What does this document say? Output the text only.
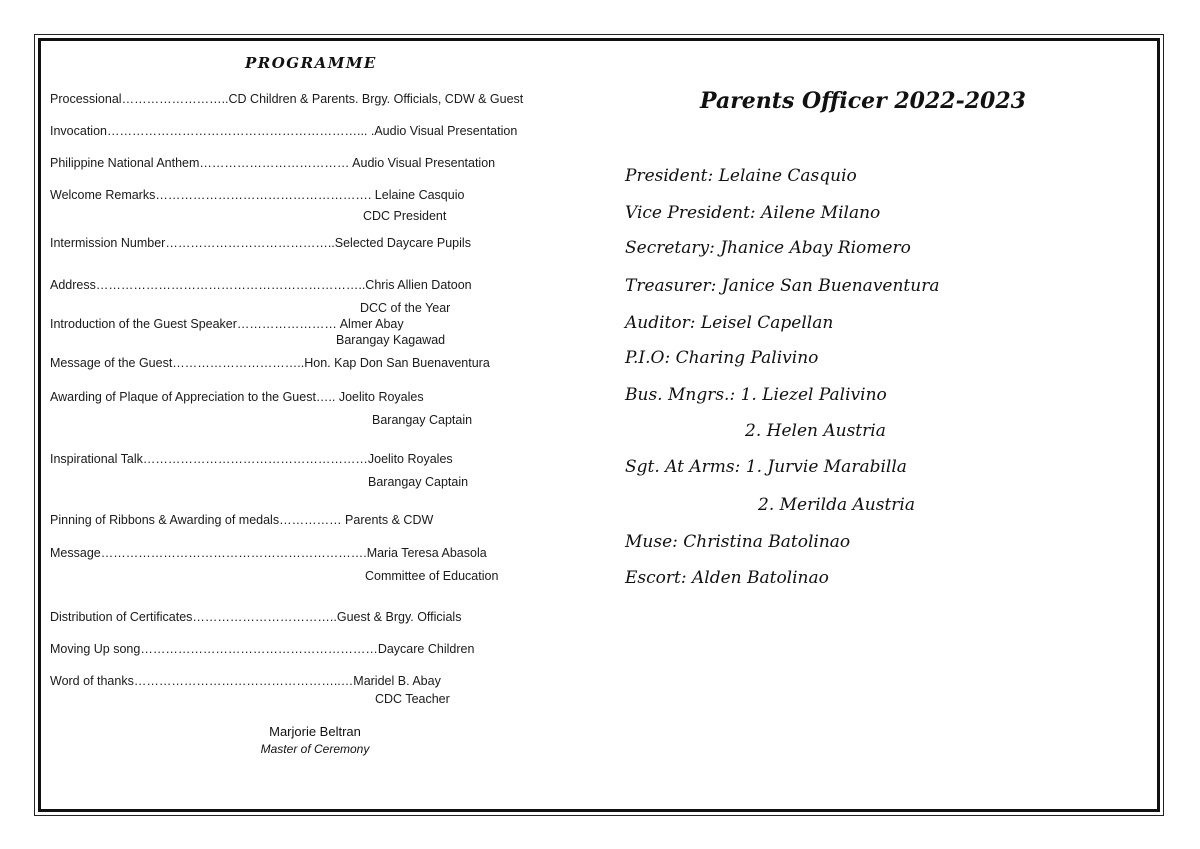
PROGRAMME
Processional……………………..CD Children & Parents. Brgy. Officials, CDW & Guest
Invocation……………………………………………………... .Audio Visual Presentation
Philippine National Anthem……………………………… Audio Visual Presentation
Welcome Remarks……………………………………………. Lelaine Casquio
CDC President
Intermission Number…………………………………..Selected Daycare Pupils
Address………………………………………………………..Chris Allien Datoon
DCC of the Year
Introduction of the Guest Speaker…………………… Almer Abay
Barangay Kagawad
Message of the Guest…………………………..Hon. Kap Don San Buenaventura
Awarding of Plaque of Appreciation to the Guest….. Joelito Royales
Barangay Captain
Inspirational Talk………………………………………………Joelito Royales
Barangay Captain
Pinning of Ribbons & Awarding of medals…………… Parents & CDW
Message……………………………………………………….Maria Teresa Abasola
Committee of Education
Distribution of Certificates……………………………..Guest & Brgy. Officials
Moving Up song…………………………………………………Daycare Children
Word of thanks…………………………………………..…Maridel B. Abay
CDC Teacher
Marjorie Beltran
Master of Ceremony
Parents Officer 2022-2023
President: Lelaine Casquio
Vice President: Ailene Milano
Secretary: Jhanice Abay Riomero
Treasurer: Janice San Buenaventura
Auditor: Leisel Capellan
P.I.O: Charing Palivino
Bus. Mngrs.: 1. Liezel Palivino
2. Helen Austria
Sgt. At Arms: 1. Jurvie Marabilla
2. Merilda Austria
Muse: Christina Batolinao
Escort: Alden Batolinao
